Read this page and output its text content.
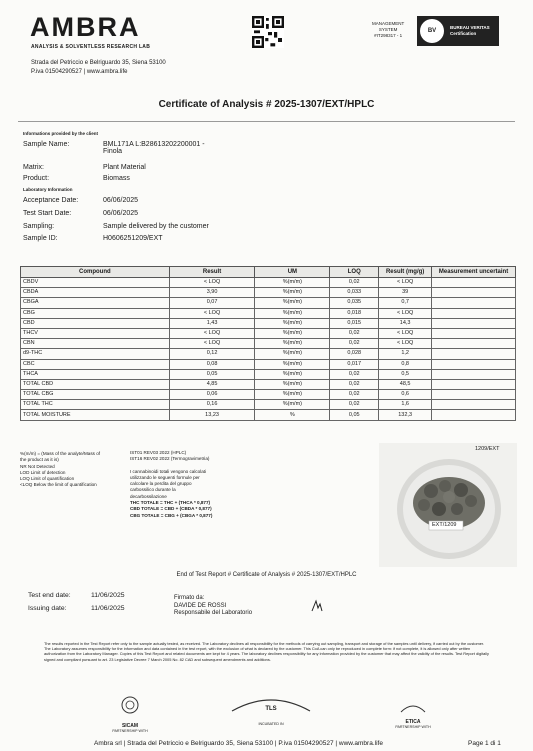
AMBRA
ANALYSIS & SOLVENTLESS RESEARCH LAB
Strada del Petriccio e Belriguardo 35, Siena 53100
P.iva 01504290527 | www.ambra.life
MANAGEMENT
SYSTEM
#IT298317 - 1
BV
BUREAU VERITAS
Certification
Certificate of Analysis # 2025-1307/EXT/HPLC
Informations provided by the client
Sample Name:	BML171A L:B28613202200001 -
Finola
Matrix:	Plant Material
Product:	Biomass
Laboratory Information
Acceptance Date:	06/06/2025
Test Start Date:	06/06/2025
Sampling:	Sample delivered by the customer
Sample ID:	H0606251209/EXT
Compound	Result	UM	LOQ	Result (mg/g)	Measurement uncertaint
CBDV	< LOQ	%(m/m)	0,02	< LOQ	
CBDA	3,90	%(m/m)	0,033	39	
CBGA	0,07	%(m/m)	0,035	0,7	
CBG	< LOQ	%(m/m)	0,018	< LOQ	
CBD	1,43	%(m/m)	0,015	14,3	
THCV	< LOQ	%(m/m)	0,02	< LOQ	
CBN	< LOQ	%(m/m)	0,02	< LOQ	
d9-THC	0,12	%(m/m)	0,028	1,2	
CBC	0,08	%(m/m)	0,017	0,8	
THCA	0,05	%(m/m)	0,02	0,5	
TOTAL CBD	4,85	%(m/m)	0,02	48,5	
TOTAL CBG	0,06	%(m/m)	0,02	0,6	
TOTAL THC	0,16	%(m/m)	0,02	1,6	
TOTAL MOISTURE	13,23	%	0,05	132,3	
%(m/m) = (Mass of the analyte/Mass of
the product as it is)
NR Not Detected
LOD Limit of detection
LOQ Limit of quantification
<LOQ Below the limit of quantification
IST01 REV03 2022 (HPLC)
IST16 REV02 2022 (Termogravimetria)
I cannabinoidi totali vengono calcolati
utilizzando le seguenti formule per
calcolare la perdita del gruppo
carbossilico durante la
decarbossilazione
THC TOTALE = THC + (THCA * 0,877)
CBD TOTALE = CBD + (CBDA * 0,877)
CBG TOTALE = CBG + (CBGA * 0,877)
1209/EXT
EXT/1209
End of Test Report # Certificate of Analysis # 2025-1307/EXT/HPLC
Test end date:	11/06/2025
Issuing date:	11/06/2025
Firmato da:
DAVIDE DE ROSSI
Responsabile del Laboratorio
The results reported in the Test Report refer only to the sample actually tested, as received. The Laboratory declines all responsibility for the methods of carrying out sampling, transport and storage of the samples until delivery, if carried out by the customer. The Laboratory assumes responsibility for the information and data contained in the test report, with the exclusion of what is declared by the customer. This CoA can only be reproduced in complete form: if not complete, it is allowed only after written authorization from the Laboratory Manager. Copies of this Test Report and related documents are kept for 4 years. The laboratory declines responsibility for any information provided by the customer that may affect the validity of the results. Test Report digitally signed and compliant pursuant to art. 23 Legislative Decree 7 March 2005 No. 82 CAD and subsequent amendments and additions.
SICAM
PARTNERSHIP WITH
TLS
INCUBATED IN	ETICA
PARTNERSHIP WITH
Ambra srl | Strada del Petriccio e Belriguardo 35, Siena 53100 | P.iva 01504290527 | www.ambra.life	Page 1 di 1
